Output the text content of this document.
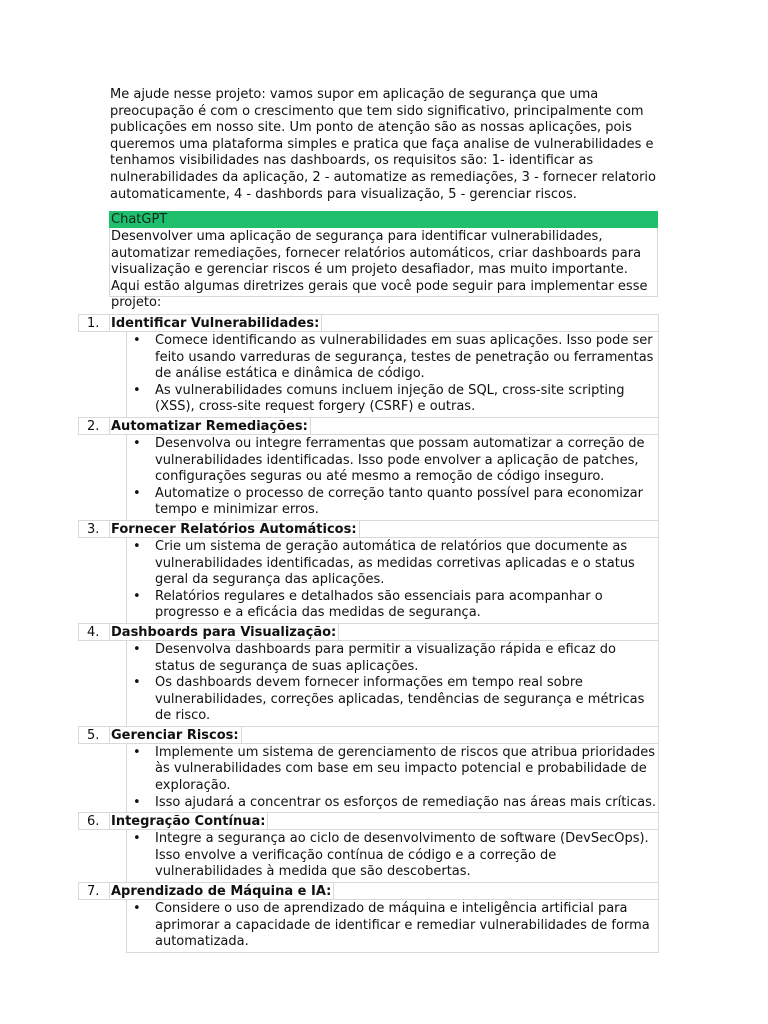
Me ajude nesse projeto: vamos supor em aplicação de segurança que uma preocupação é com o crescimento que tem sido significativo, principalmente com publicações em nosso site. Um ponto de atenção são as nossas aplicações, pois queremos uma plataforma simples e pratica que faça analise de vulnerabilidades e tenhamos visibilidades nas dashboards, os requisitos são: 1- identificar as nulnerabilidades da aplicação, 2 - automatize as remediações, 3 - fornecer relatorio automaticamente, 4 - dashbords para visualização, 5 - gerenciar riscos.
ChatGPT
Desenvolver uma aplicação de segurança para identificar vulnerabilidades, automatizar remediações, fornecer relatórios automáticos, criar dashboards para visualização e gerenciar riscos é um projeto desafiador, mas muito importante. Aqui estão algumas diretrizes gerais que você pode seguir para implementar esse projeto:
1. Identificar Vulnerabilidades:
• Comece identificando as vulnerabilidades em suas aplicações. Isso pode ser feito usando varreduras de segurança, testes de penetração ou ferramentas de análise estática e dinâmica de código.
• As vulnerabilidades comuns incluem injeção de SQL, cross-site scripting (XSS), cross-site request forgery (CSRF) e outras.
2. Automatizar Remediações:
• Desenvolva ou integre ferramentas que possam automatizar a correção de vulnerabilidades identificadas. Isso pode envolver a aplicação de patches, configurações seguras ou até mesmo a remoção de código inseguro.
• Automatize o processo de correção tanto quanto possível para economizar tempo e minimizar erros.
3. Fornecer Relatórios Automáticos:
• Crie um sistema de geração automática de relatórios que documente as vulnerabilidades identificadas, as medidas corretivas aplicadas e o status geral da segurança das aplicações.
• Relatórios regulares e detalhados são essenciais para acompanhar o progresso e a eficácia das medidas de segurança.
4. Dashboards para Visualização:
• Desenvolva dashboards para permitir a visualização rápida e eficaz do status de segurança de suas aplicações.
• Os dashboards devem fornecer informações em tempo real sobre vulnerabilidades, correções aplicadas, tendências de segurança e métricas de risco.
5. Gerenciar Riscos:
• Implemente um sistema de gerenciamento de riscos que atribua prioridades às vulnerabilidades com base em seu impacto potencial e probabilidade de exploração.
• Isso ajudará a concentrar os esforços de remediação nas áreas mais críticas.
6. Integração Contínua:
• Integre a segurança ao ciclo de desenvolvimento de software (DevSecOps). Isso envolve a verificação contínua de código e a correção de vulnerabilidades à medida que são descobertas.
7. Aprendizado de Máquina e IA:
• Considere o uso de aprendizado de máquina e inteligência artificial para aprimorar a capacidade de identificar e remediar vulnerabilidades de forma automatizada.
